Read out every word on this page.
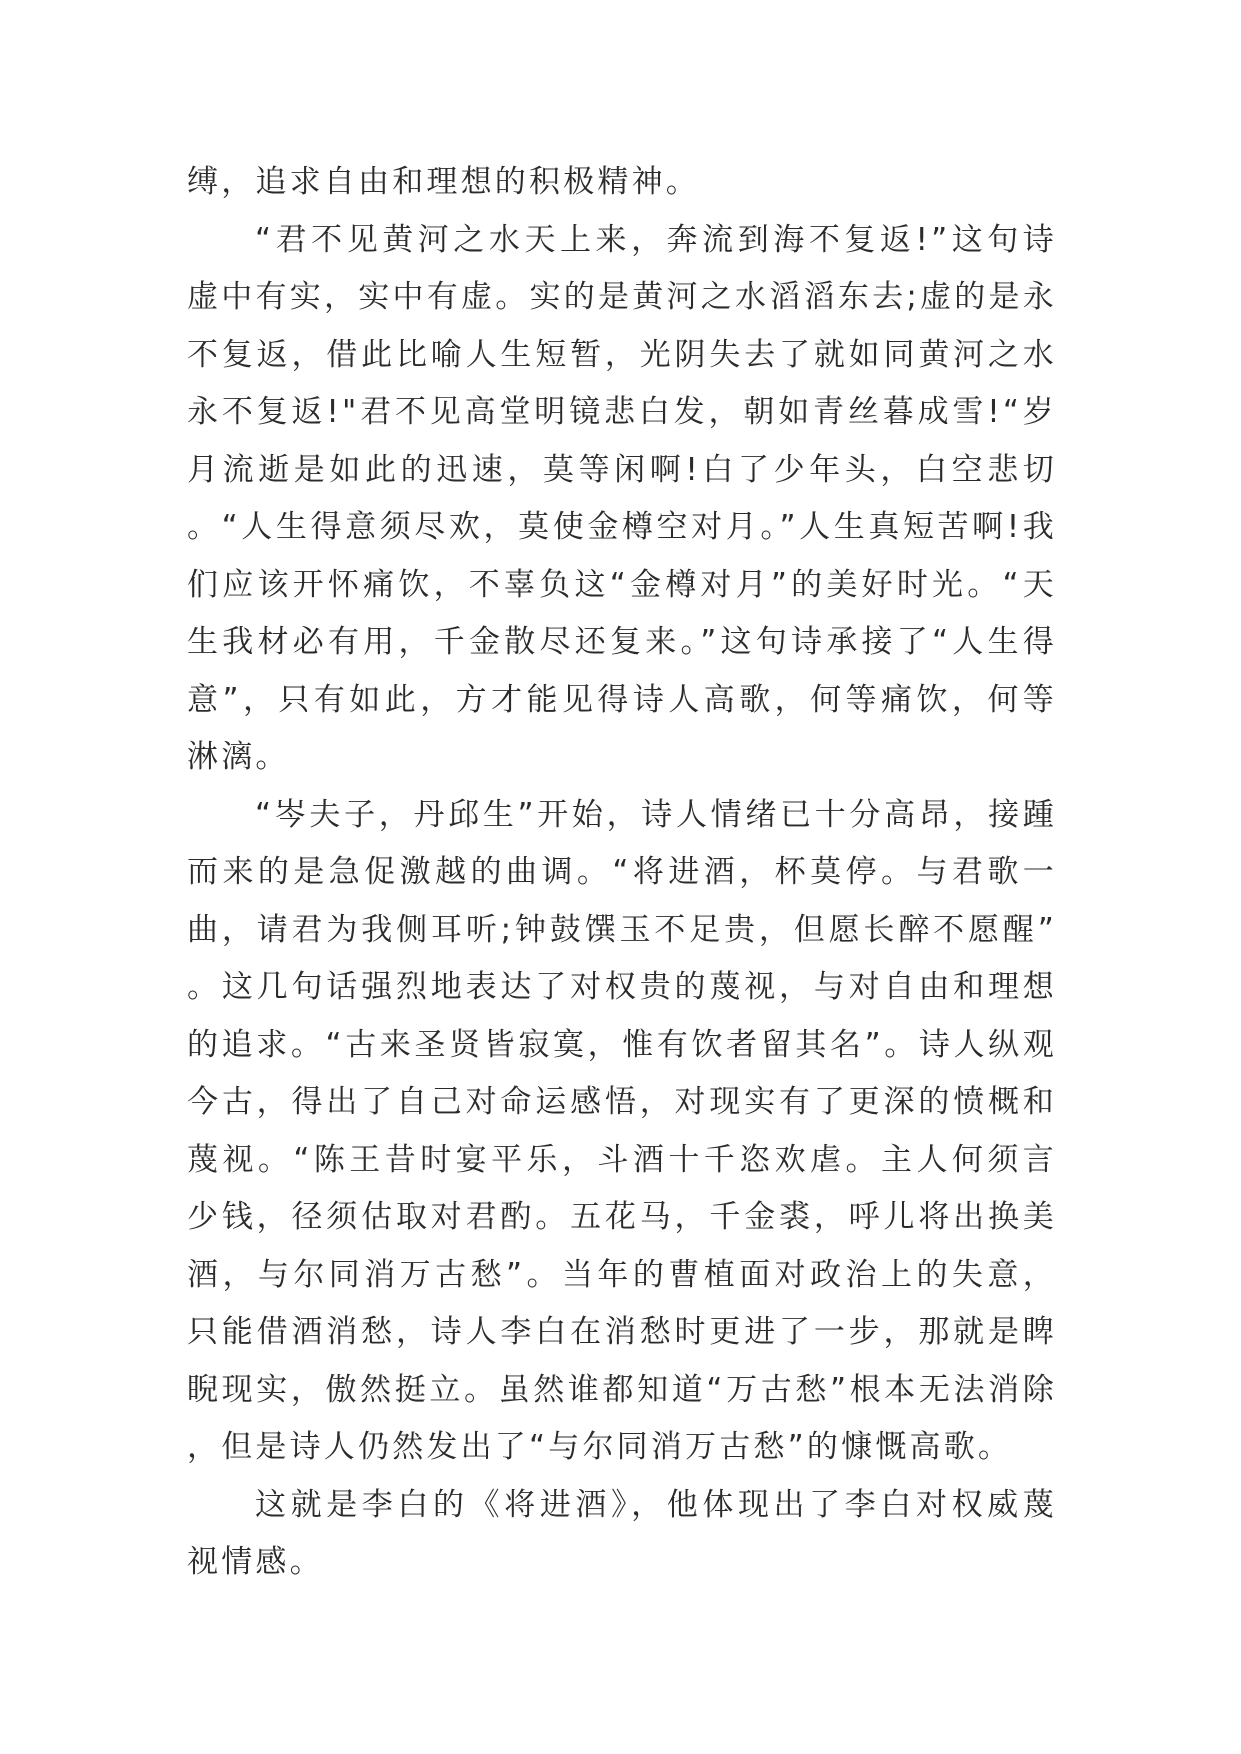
缚，追求自由和理想的积极精神。

“君不见黄河之水天上来，奔流到海不复返!”这句诗虚中有实，实中有虚。实的是黄河之水滔滔东去;虚的是永不复返，借此比喻人生短暂，光阴失去了就如同黄河之水永不复返!"君不见高堂明镜悲白发，朝如青丝暮成雪!“岁月流逝是如此的迅速，莫等闲啊!白了少年头，白空悲切。“人生得意须尽欢，莫使金樽空对月。”人生真短苦啊!我们应该开怀痛饮，不辜负这“金樽对月”的美好时光。“天生我材必有用，千金散尽还复来。”这句诗承接了“人生得意”，只有如此，方才能见得诗人高歌，何等痛饮，何等淋漓。

“岑夫子，丹邱生”开始，诗人情绪已十分高昂，接踵而来的是急促激越的曲调。“将进酒，杯莫停。与君歌一曲，请君为我侧耳听;钟鼓馔玉不足贵，但愿长醉不愿醒”。这几句话强烈地表达了对权贵的蔑视，与对自由和理想的追求。“古来圣贤皆寂寞，惟有饮者留其名”。诗人纵观今古，得出了自己对命运感悟，对现实有了更深的愤概和蔑视。“陈王昔时宴平乐，斗酒十千恣欢虐。主人何须言少钱，径须估取对君酌。五花马，千金裘，呼儿将出换美酒，与尔同消万古愁”。当年的曹植面对政治上的失意，只能借酒消愁，诗人李白在消愁时更进了一步，那就是睥睨现实，傲然挺立。虽然谁都知道“万古愁”根本无法消除，但是诗人仍然发出了“与尔同消万古愁”的慷慨高歌。

这就是李白的《将进酒》，他体现出了李白对权威蔑视情感。
